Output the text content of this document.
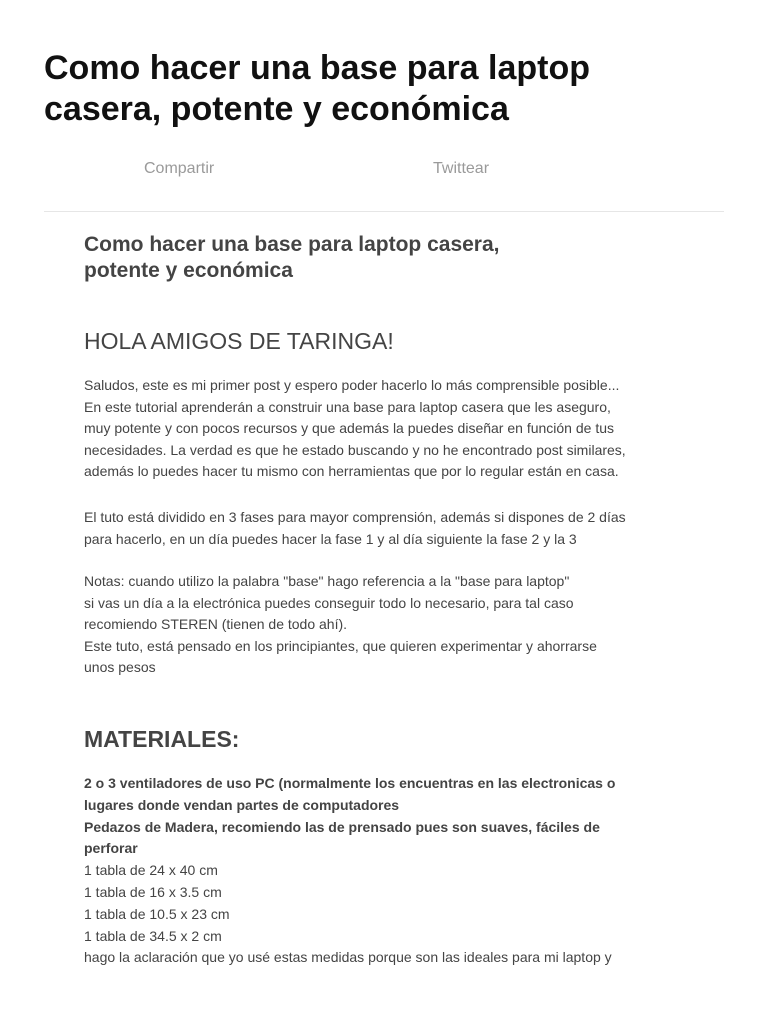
Como hacer una base para laptop
casera, potente y económica
Compartir	Twittear
Como hacer una base para laptop casera,
potente y económica
HOLA AMIGOS DE TARINGA!

Saludos, este es mi primer post y espero poder hacerlo lo más comprensible posible...
En este tutorial aprenderán a construir una base para laptop casera que les aseguro,
muy potente y con pocos recursos y que además la puedes diseñar en función de tus
necesidades. La verdad es que he estado buscando y no he encontrado post similares,
además lo puedes hacer tu mismo con herramientas que por lo regular están en casa.

El tuto está dividido en 3 fases para mayor comprensión, además si dispones de 2 días
para hacerlo, en un día puedes hacer la fase 1 y al día siguiente la fase 2 y la 3

Notas: cuando utilizo la palabra "base" hago referencia a la "base para laptop"
si vas un día a la electrónica puedes conseguir todo lo necesario, para tal caso
recomiendo STEREN (tienen de todo ahí).
Este tuto, está pensado en los principiantes, que quieren experimentar y ahorrarse
unos pesos

MATERIALES:
2 o 3 ventiladores de uso PC (normalmente los encuentras en las electronicas o
lugares donde vendan partes de computadores
Pedazos de Madera, recomiendo las de prensado pues son suaves, fáciles de
perforar
1 tabla de 24 x 40 cm
1 tabla de 16 x 3.5 cm
1 tabla de 10.5 x 23 cm
1 tabla de 34.5 x 2 cm
hago la aclaración que yo usé estas medidas porque son las ideales para mi laptop y
